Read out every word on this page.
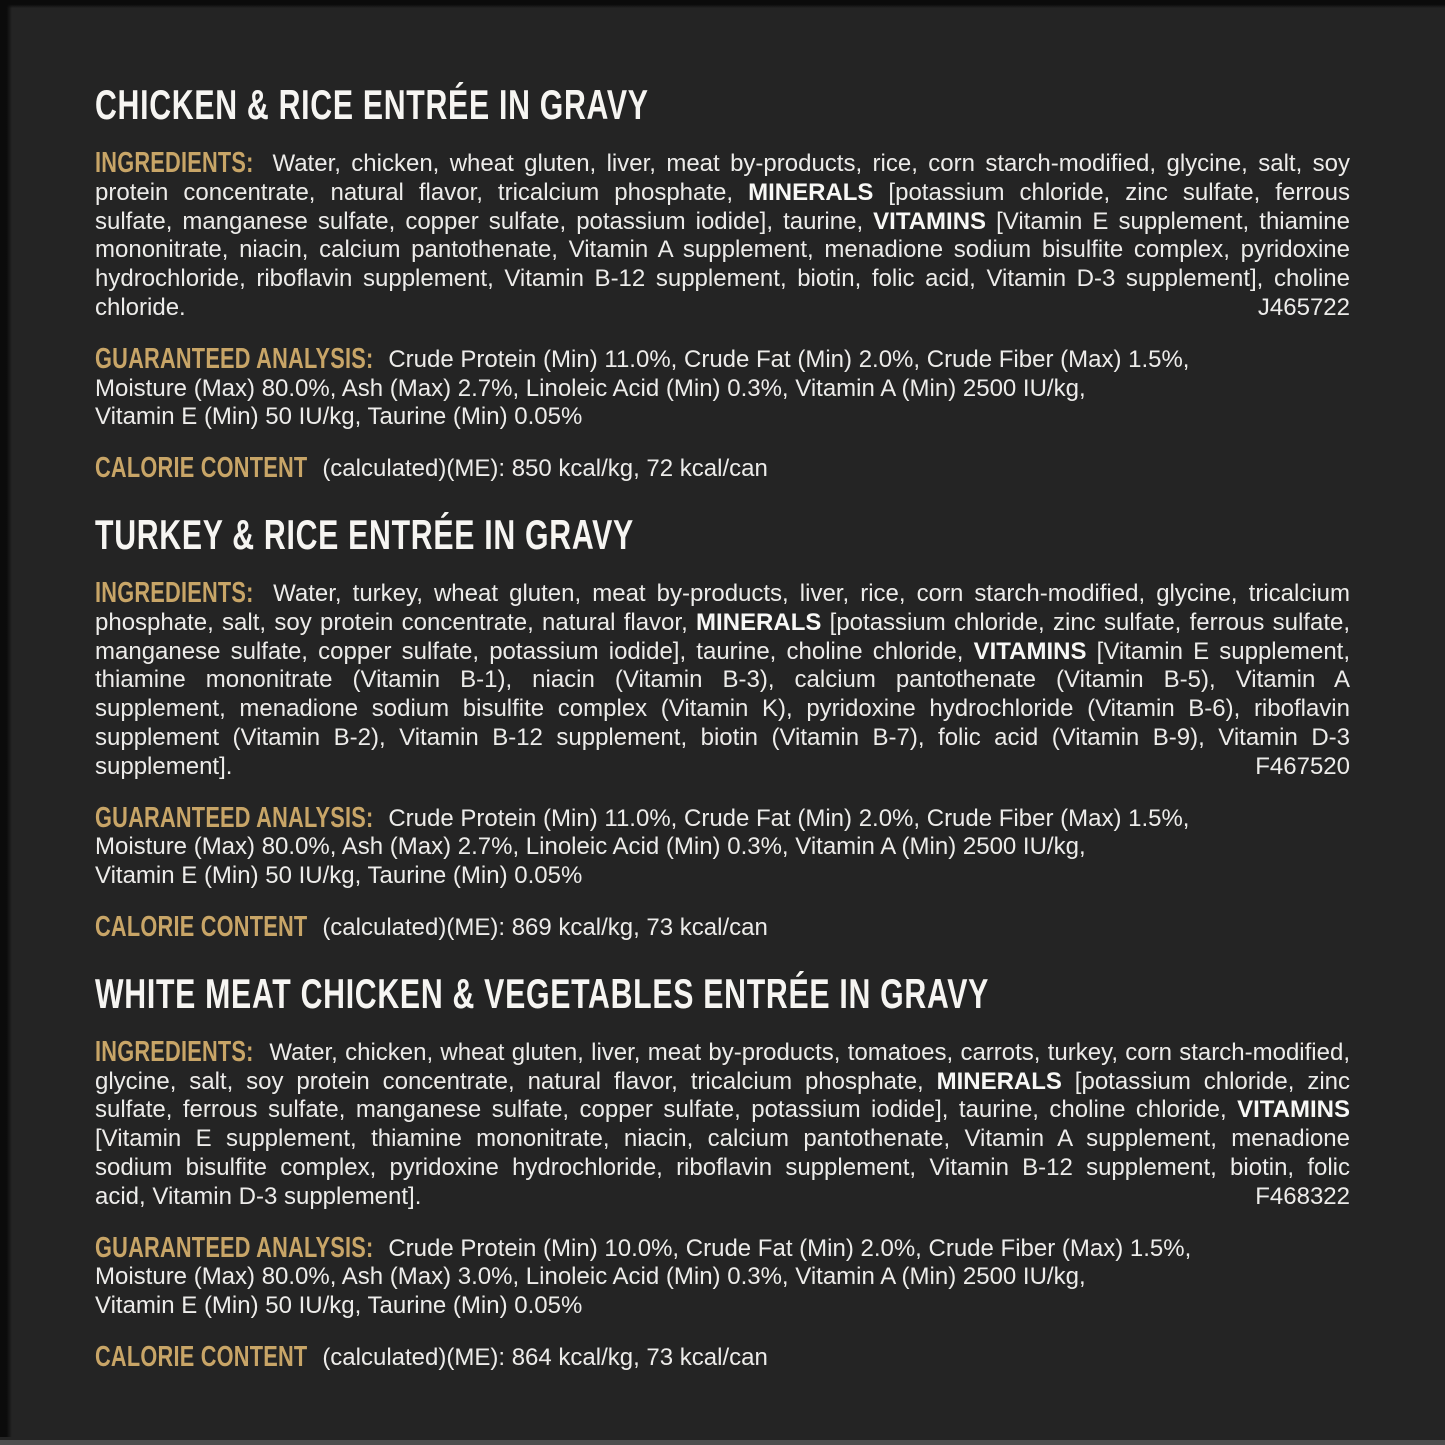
CHICKEN & RICE ENTRÉE IN GRAVY
INGREDIENTS: Water, chicken, wheat gluten, liver, meat by-products, rice, corn starch-modified, glycine, salt, soy
protein concentrate, natural flavor, tricalcium phosphate, MINERALS [potassium chloride, zinc sulfate, ferrous
sulfate, manganese sulfate, copper sulfate, potassium iodide], taurine, VITAMINS [Vitamin E supplement, thiamine
mononitrate, niacin, calcium pantothenate, Vitamin A supplement, menadione sodium bisulfite complex, pyridoxine
hydrochloride, riboflavin supplement, Vitamin B-12 supplement, biotin, folic acid, Vitamin D-3 supplement], choline
chloride.	J465722
GUARANTEED ANALYSIS: Crude Protein (Min) 11.0%, Crude Fat (Min) 2.0%, Crude Fiber (Max) 1.5%,
Moisture (Max) 80.0%, Ash (Max) 2.7%, Linoleic Acid (Min) 0.3%, Vitamin A (Min) 2500 IU/kg,
Vitamin E (Min) 50 IU/kg, Taurine (Min) 0.05%
CALORIE CONTENT (calculated)(ME): 850 kcal/kg, 72 kcal/can
TURKEY & RICE ENTRÉE IN GRAVY
INGREDIENTS: Water, turkey, wheat gluten, meat by-products, liver, rice, corn starch-modified, glycine, tricalcium
phosphate, salt, soy protein concentrate, natural flavor, MINERALS [potassium chloride, zinc sulfate, ferrous sulfate,
manganese sulfate, copper sulfate, potassium iodide], taurine, choline chloride, VITAMINS [Vitamin E supplement,
thiamine mononitrate (Vitamin B-1), niacin (Vitamin B-3), calcium pantothenate (Vitamin B-5), Vitamin A
supplement, menadione sodium bisulfite complex (Vitamin K), pyridoxine hydrochloride (Vitamin B-6), riboflavin
supplement (Vitamin B-2), Vitamin B-12 supplement, biotin (Vitamin B-7), folic acid (Vitamin B-9), Vitamin D-3
supplement].	F467520
GUARANTEED ANALYSIS: Crude Protein (Min) 11.0%, Crude Fat (Min) 2.0%, Crude Fiber (Max) 1.5%,
Moisture (Max) 80.0%, Ash (Max) 2.7%, Linoleic Acid (Min) 0.3%, Vitamin A (Min) 2500 IU/kg,
Vitamin E (Min) 50 IU/kg, Taurine (Min) 0.05%
CALORIE CONTENT (calculated)(ME): 869 kcal/kg, 73 kcal/can
WHITE MEAT CHICKEN & VEGETABLES ENTRÉE IN GRAVY
INGREDIENTS: Water, chicken, wheat gluten, liver, meat by-products, tomatoes, carrots, turkey, corn starch-modified,
glycine, salt, soy protein concentrate, natural flavor, tricalcium phosphate, MINERALS [potassium chloride, zinc
sulfate, ferrous sulfate, manganese sulfate, copper sulfate, potassium iodide], taurine, choline chloride, VITAMINS
[Vitamin E supplement, thiamine mononitrate, niacin, calcium pantothenate, Vitamin A supplement, menadione
sodium bisulfite complex, pyridoxine hydrochloride, riboflavin supplement, Vitamin B-12 supplement, biotin, folic
acid, Vitamin D-3 supplement].	F468322
GUARANTEED ANALYSIS: Crude Protein (Min) 10.0%, Crude Fat (Min) 2.0%, Crude Fiber (Max) 1.5%,
Moisture (Max) 80.0%, Ash (Max) 3.0%, Linoleic Acid (Min) 0.3%, Vitamin A (Min) 2500 IU/kg,
Vitamin E (Min) 50 IU/kg, Taurine (Min) 0.05%
CALORIE CONTENT (calculated)(ME): 864 kcal/kg, 73 kcal/can
